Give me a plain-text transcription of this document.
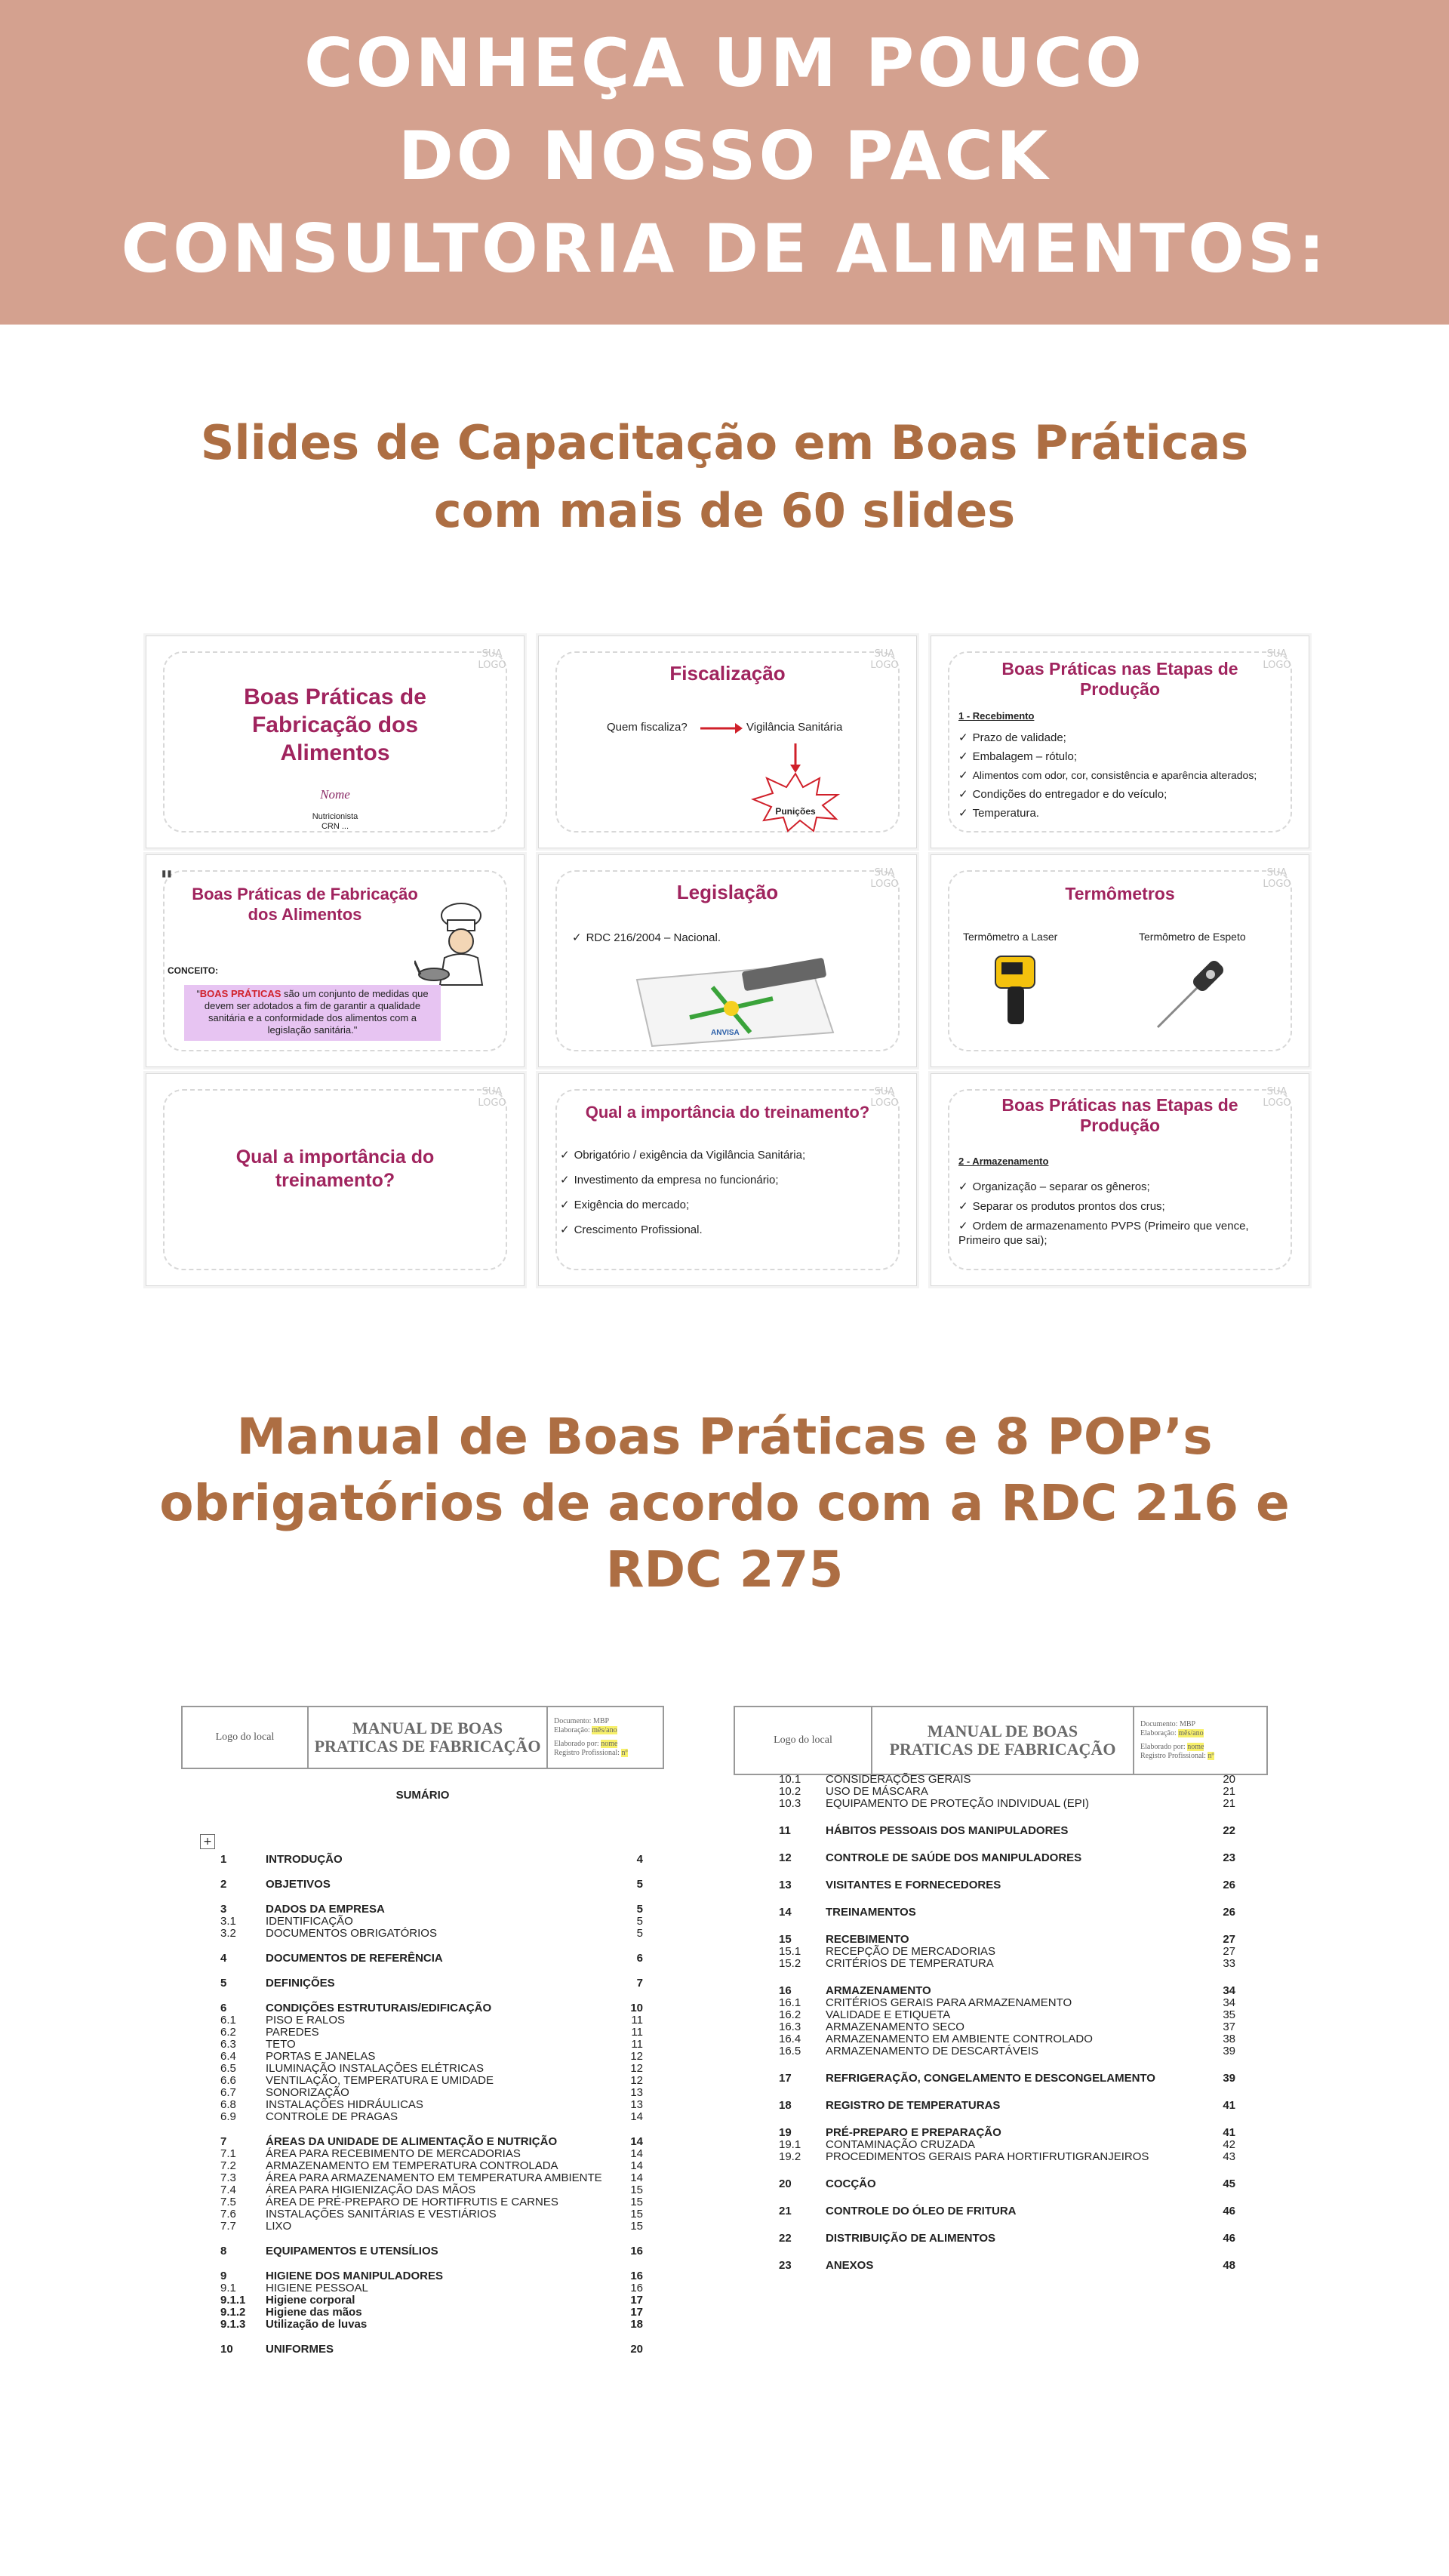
CONHEÇA UM POUCO
DO NOSSO PACK
CONSULTORIA DE ALIMENTOS:
Slides de Capacitação em Boas Práticas
com mais de 60 slides
SUA LOGO
Boas Práticas de Fabricação dos Alimentos
Nome
Nutricionista
CRN ...
SUA LOGO
Fiscalização
Quem fiscaliza?	Vigilância Sanitária
Punições
SUA LOGO
Boas Práticas nas Etapas de Produção
1 - Recebimento
✓ Prazo de validade;
✓ Embalagem – rótulo;
✓ Alimentos com odor, cor, consistência e aparência alterados;
✓ Condições do entregador e do veículo;
✓ Temperatura.
"	Boas Práticas de Fabricação dos Alimentos
CONCEITO:
“BOAS PRÁTICAS são um conjunto de medidas que devem ser adotados a fim de garantir a qualidade sanitária e a conformidade dos alimentos com a legislação sanitária."
SUA LOGO
Legislação
✓ RDC 216/2004 – Nacional.
ANVISA
SUA LOGO
Termômetros
Termômetro a Laser	Termômetro de Espeto
SUA LOGO
Qual a importância do treinamento?
SUA LOGO
Qual a importância do treinamento?
✓ Obrigatório / exigência da Vigilância Sanitária;
✓ Investimento da empresa no funcionário;
✓ Exigência do mercado;
✓ Crescimento Profissional.
SUA LOGO
Boas Práticas nas Etapas de Produção
2 - Armazenamento
✓ Organização – separar os gêneros;
✓ Separar os produtos prontos dos crus;
✓ Ordem de armazenamento PVPS (Primeiro que vence, Primeiro que sai);
Manual de Boas Práticas e 8 POP’s
obrigatórios de acordo com a RDC 216 e
RDC 275
Logo do local	MANUAL DE BOAS
PRATICAS DE FABRICAÇÃO
Documento: MBP
Elaboração: mês/ano
Elaborado por: nome
Registro Profissional: nº
SUMÁRIO
+
1	INTRODUÇÃO	4
2	OBJETIVOS	5
3	DADOS DA EMPRESA	5
3.1	IDENTIFICAÇÃO	5
3.2	DOCUMENTOS OBRIGATÓRIOS	5
4	DOCUMENTOS DE REFERÊNCIA	6
5	DEFINIÇÕES	7
6	CONDIÇÕES ESTRUTURAIS/EDIFICAÇÃO	10
6.1	PISO E RALOS	11
6.2	PAREDES	11
6.3	TETO	11
6.4	PORTAS E JANELAS	12
6.5	ILUMINAÇÃO INSTALAÇÕES ELÉTRICAS	12
6.6	VENTILAÇÃO, TEMPERATURA E UMIDADE	12
6.7	SONORIZAÇÃO	13
6.8	INSTALAÇÕES HIDRÁULICAS	13
6.9	CONTROLE DE PRAGAS	14
7	ÁREAS DA UNIDADE DE ALIMENTAÇÃO E NUTRIÇÃO	14
7.1	ÁREA PARA RECEBIMENTO DE MERCADORIAS	14
7.2	ARMAZENAMENTO EM TEMPERATURA CONTROLADA	14
7.3	ÁREA PARA ARMAZENAMENTO EM TEMPERATURA AMBIENTE	14
7.4	ÁREA PARA HIGIENIZAÇÃO DAS MÃOS	15
7.5	ÁREA DE PRÉ-PREPARO DE HORTIFRUTIS E CARNES	15
7.6	INSTALAÇÕES SANITÁRIAS E VESTIÁRIOS	15
7.7	LIXO	15
8	EQUIPAMENTOS E UTENSÍLIOS	16
9	HIGIENE DOS MANIPULADORES	16
9.1	HIGIENE PESSOAL	16
9.1.1 Higiene corporal	17
9.1.2 Higiene das mãos	17
9.1.3 Utilização de luvas	18
10	UNIFORMES	20
Logo do local	MANUAL DE BOAS
PRATICAS DE FABRICAÇÃO
Documento: MBP
Elaboração: mês/ano
Elaborado por: nome
Registro Profissional: nº
10.1 CONSIDERAÇÕES GERAIS	20
10.2 USO DE MÁSCARA	21
10.3 EQUIPAMENTO DE PROTEÇÃO INDIVIDUAL (EPI)	21
11	HÁBITOS PESSOAIS DOS MANIPULADORES	22
12	CONTROLE DE SAÚDE DOS MANIPULADORES	23
13	VISITANTES E FORNECEDORES	26
14	TREINAMENTOS	26
15	RECEBIMENTO	27
15.1 RECEPÇÃO DE MERCADORIAS	27
15.2 CRITÉRIOS DE TEMPERATURA	33
16	ARMAZENAMENTO	34
16.1 CRITÉRIOS GERAIS PARA ARMAZENAMENTO	34
16.2 VALIDADE E ETIQUETA	35
16.3 ARMAZENAMENTO SECO	37
16.4 ARMAZENAMENTO EM AMBIENTE CONTROLADO	38
16.5 ARMAZENAMENTO DE DESCARTÁVEIS	39
17	REFRIGERAÇÃO, CONGELAMENTO E DESCONGELAMENTO	39
18	REGISTRO DE TEMPERATURAS	41
19	PRÉ-PREPARO E PREPARAÇÃO	41
19.1 CONTAMINAÇÃO CRUZADA	42
19.2 PROCEDIMENTOS GERAIS PARA HORTIFRUTIGRANJEIROS	43
20	COCÇÃO	45
21	CONTROLE DO ÓLEO DE FRITURA	46
22	DISTRIBUIÇÃO DE ALIMENTOS	46
23	ANEXOS	48
